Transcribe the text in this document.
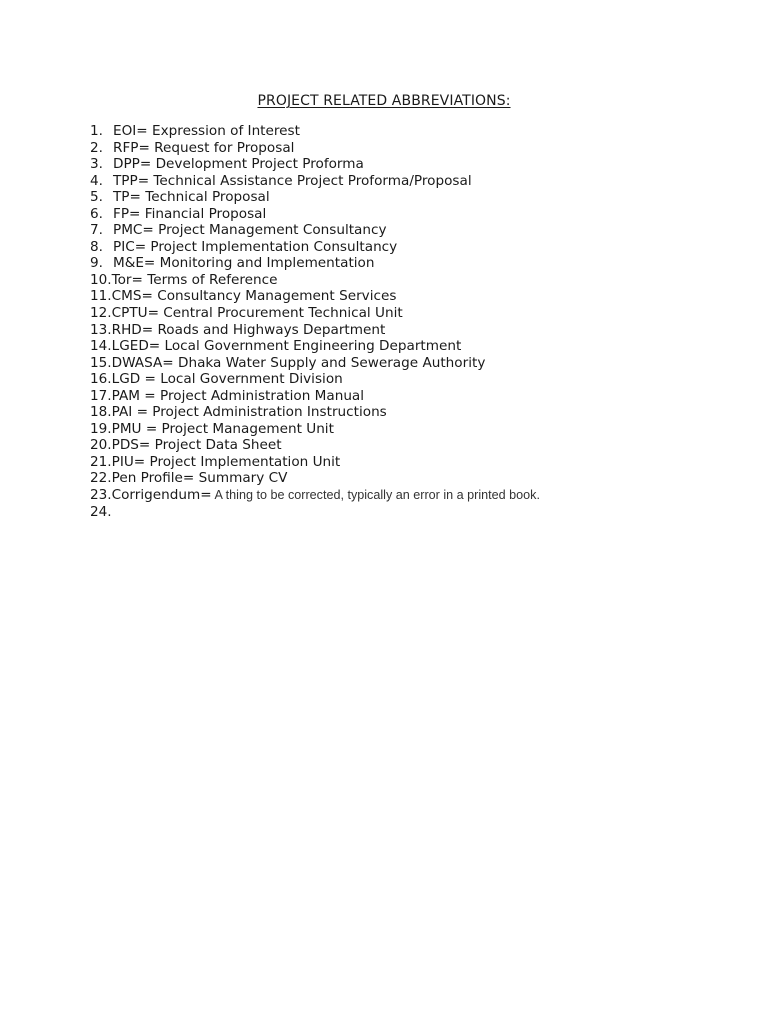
PROJECT RELATED ABBREVIATIONS:
1. EOI= Expression of Interest
2. RFP= Request for Proposal
3. DPP= Development Project Proforma
4. TPP= Technical Assistance Project Proforma/Proposal
5. TP= Technical Proposal
6. FP= Financial Proposal
7. PMC= Project Management Consultancy
8. PIC= Project Implementation Consultancy
9. M&E= Monitoring and Implementation
10. Tor= Terms of Reference
11. CMS= Consultancy Management Services
12. CPTU= Central Procurement Technical Unit
13. RHD= Roads and Highways Department
14. LGED= Local Government Engineering Department
15. DWASA= Dhaka Water Supply and Sewerage Authority
16. LGD = Local Government Division
17. PAM = Project Administration Manual
18. PAI = Project Administration Instructions
19. PMU = Project Management Unit
20. PDS= Project Data Sheet
21. PIU= Project Implementation Unit
22. Pen Profile= Summary CV
23. Corrigendum= A thing to be corrected, typically an error in a printed book.
24.
